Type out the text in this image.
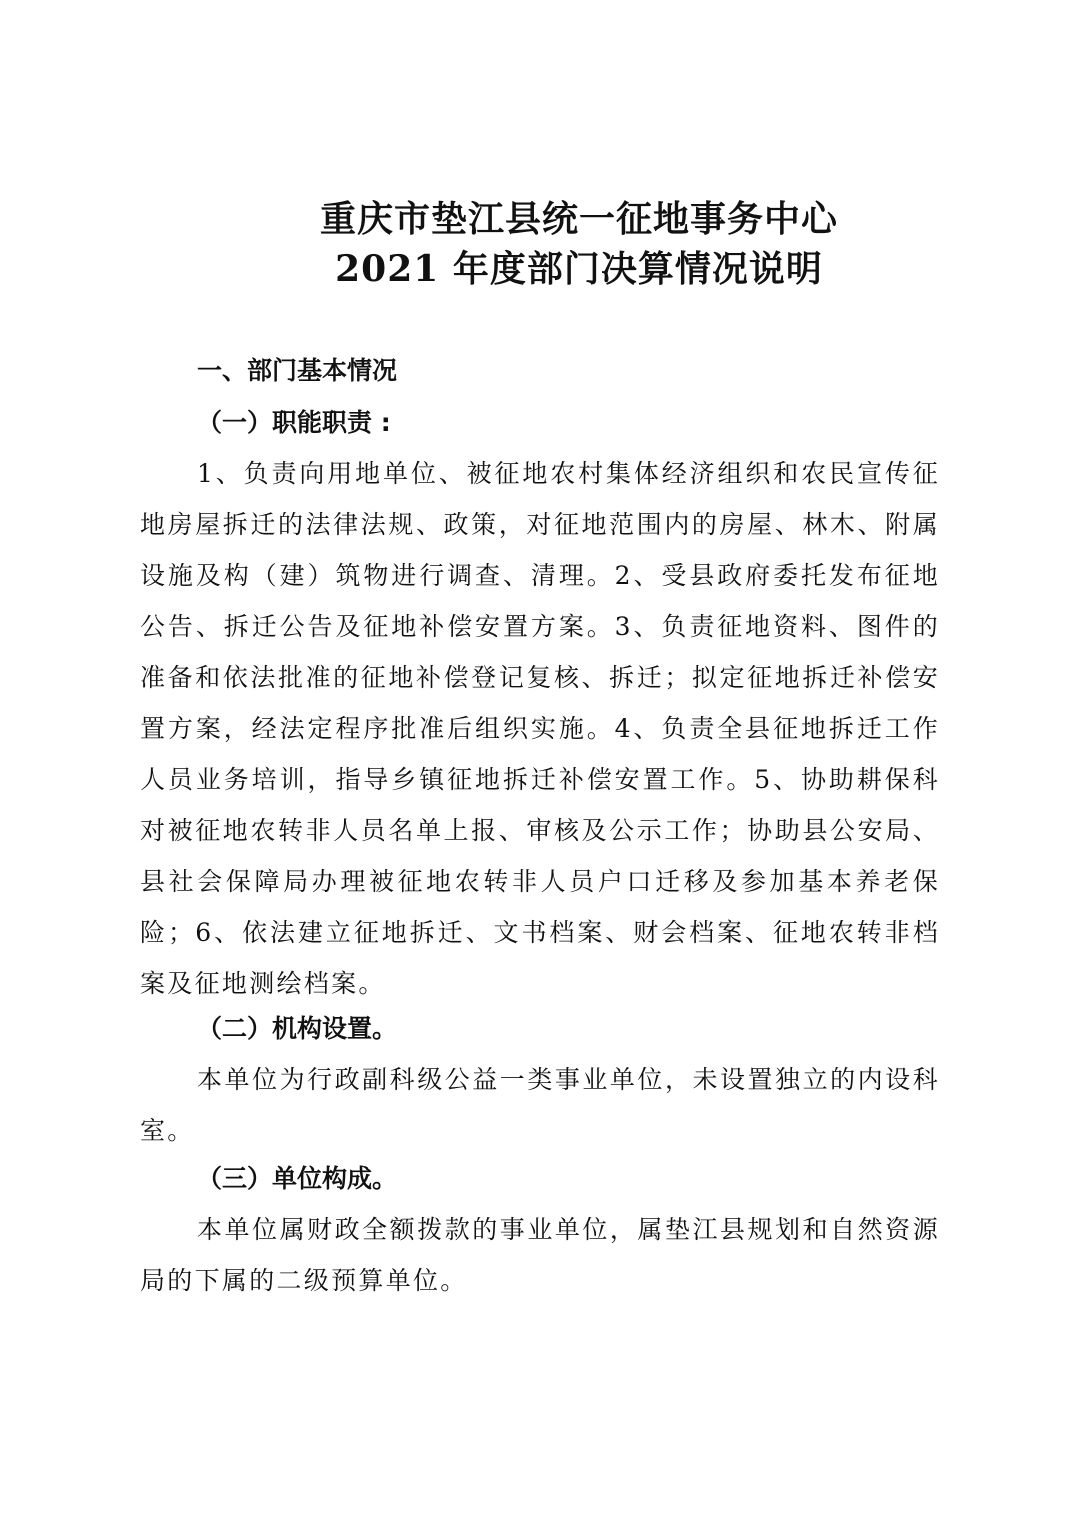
重庆市垫江县统一征地事务中心
2021 年度部门决算情况说明
一、部门基本情况
（一）职能职责 :
1、负责向用地单位、被征地农村集体经济组织和农民宣传征地房屋拆迁的法律法规、政策，对征地范围内的房屋、林木、附属设施及构（建）筑物进行调查、清理。2、受县政府委托发布征地公告、拆迁公告及征地补偿安置方案。3、负责征地资料、图件的准备和依法批准的征地补偿登记复核、拆迁；拟定征地拆迁补偿安置方案，经法定程序批准后组织实施。4、负责全县征地拆迁工作人员业务培训，指导乡镇征地拆迁补偿安置工作。5、协助耕保科对被征地农转非人员名单上报、审核及公示工作；协助县公安局、县社会保障局办理被征地农转非人员户口迁移及参加基本养老保险；6、依法建立征地拆迁、文书档案、财会档案、征地农转非档案及征地测绘档案。
（二）机构设置。
本单位为行政副科级公益一类事业单位，未设置独立的内设科室。
（三）单位构成。
本单位属财政全额拨款的事业单位，属垫江县规划和自然资源局的下属的二级预算单位。
